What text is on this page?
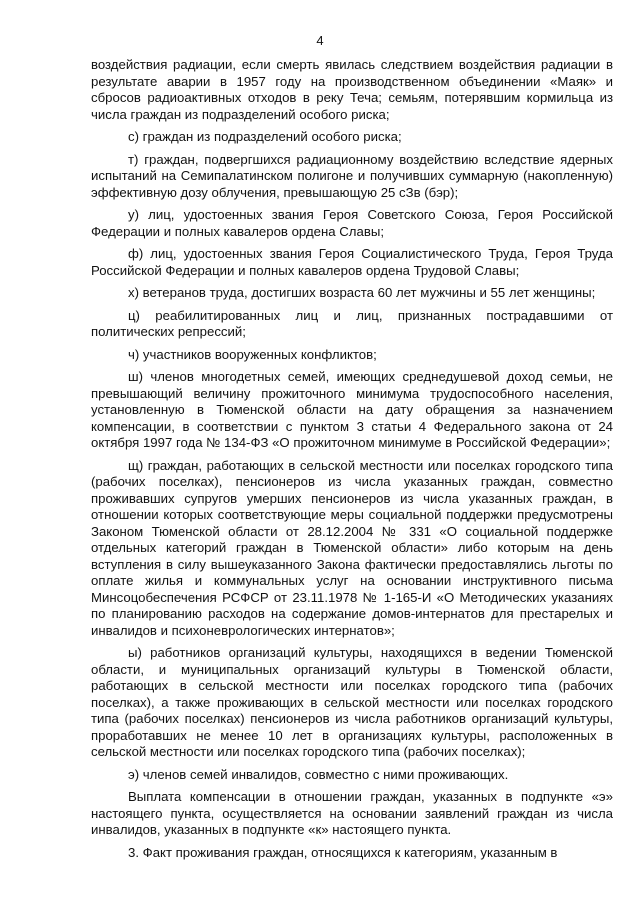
4

воздействия радиации, если смерть явилась следствием воздействия радиации в результате аварии в 1957 году на производственном объединении «Маяк» и сбросов радиоактивных отходов в реку Теча; семьям, потерявшим кормильца из числа граждан из подразделений особого риска;

с) граждан из подразделений особого риска;

т) граждан, подвергшихся радиационному воздействию вследствие ядерных испытаний на Семипалатинском полигоне и получивших суммарную (накопленную) эффективную дозу облучения, превышающую 25 сЗв (бэр);

у) лиц, удостоенных звания Героя Советского Союза, Героя Российской Федерации и полных кавалеров ордена Славы;

ф) лиц, удостоенных звания Героя Социалистического Труда, Героя Труда Российской Федерации и полных кавалеров ордена Трудовой Славы;

х) ветеранов труда, достигших возраста 60 лет мужчины и 55 лет женщины;

ц) реабилитированных лиц и лиц, признанных пострадавшими от политических репрессий;

ч) участников вооруженных конфликтов;

ш) членов многодетных семей, имеющих среднедушевой доход семьи, не превышающий величину прожиточного минимума трудоспособного населения, установленную в Тюменской области на дату обращения за назначением компенсации, в соответствии с пунктом 3 статьи 4 Федерального закона от 24 октября 1997 года № 134-ФЗ «О прожиточном минимуме в Российской Федерации»;

щ) граждан, работающих в сельской местности или поселках городского типа (рабочих поселках), пенсионеров из числа указанных граждан, совместно проживавших супругов умерших пенсионеров из числа указанных граждан, в отношении которых соответствующие меры социальной поддержки предусмотрены Законом Тюменской области от 28.12.2004 № 331 «О социальной поддержке отдельных категорий граждан в Тюменской области» либо которым на день вступления в силу вышеуказанного Закона фактически предоставлялись льготы по оплате жилья и коммунальных услуг на основании инструктивного письма Минсоцобеспечения РСФСР от 23.11.1978 № 1-165-И «О Методических указаниях по планированию расходов на содержание домов-интернатов для престарелых и инвалидов и психоневрологических интернатов»;

ы) работников организаций культуры, находящихся в ведении Тюменской области, и муниципальных организаций культуры в Тюменской области, работающих в сельской местности или поселках городского типа (рабочих поселках), а также проживающих в сельской местности или поселках городского типа (рабочих поселках) пенсионеров из числа работников организаций культуры, проработавших не менее 10 лет в организациях культуры, расположенных в сельской местности или поселках городского типа (рабочих поселках);

э) членов семей инвалидов, совместно с ними проживающих.

Выплата компенсации в отношении граждан, указанных в подпункте «э» настоящего пункта, осуществляется на основании заявлений граждан из числа инвалидов, указанных в подпункте «к» настоящего пункта.

3. Факт проживания граждан, относящихся к категориям, указанным в
